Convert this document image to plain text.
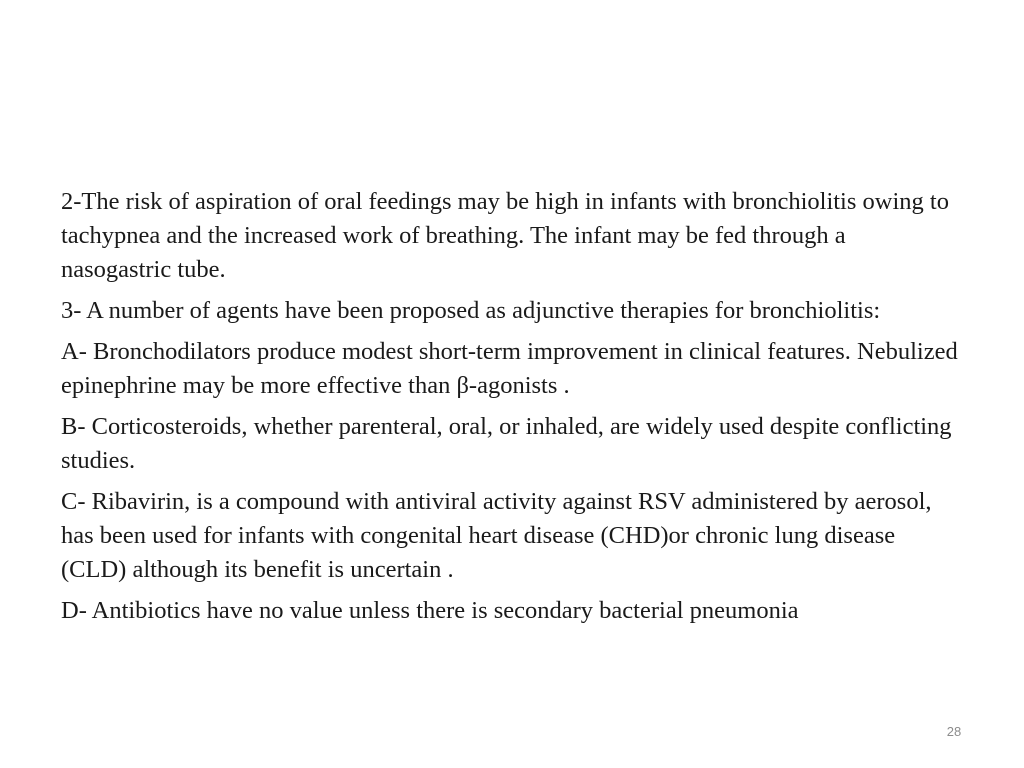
2-The risk of aspiration of oral feedings may be high in infants with bronchiolitis owing to tachypnea and the increased work of breathing. The infant may be fed through a nasogastric tube.

3- A number of agents have been proposed as adjunctive therapies for bronchiolitis:

A- Bronchodilators produce modest short-term improvement in clinical features. Nebulized epinephrine may be more effective than β-agonists .

B- Corticosteroids, whether parenteral, oral, or inhaled, are widely used despite conflicting studies.

C- Ribavirin, is a compound with antiviral activity against RSV administered by aerosol, has been used for infants with congenital heart disease (CHD)or chronic lung disease (CLD) although its benefit is uncertain .

D- Antibiotics have no value unless there is secondary bacterial pneumonia

28
